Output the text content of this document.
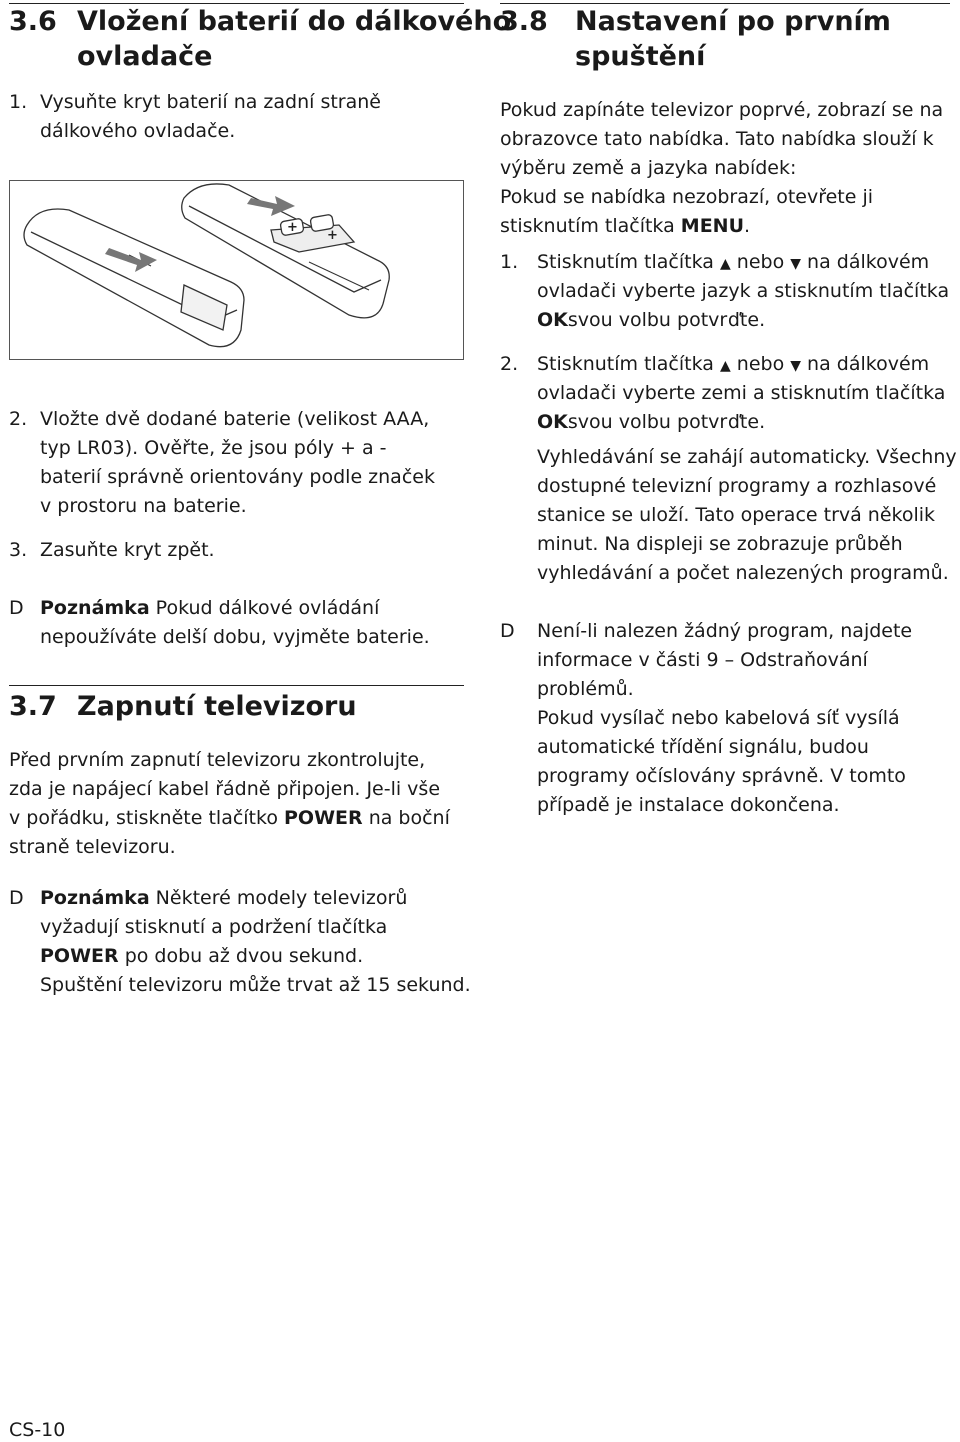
3.6 Vložení baterií do dálkového
ovladače
1. Vysuňte kryt baterií na zadní straně
dálkového ovladače.
+
+
2. Vložte dvě dodané baterie (velikost AAA,
typ LR03). Ověřte, že jsou póly + a -
baterií správně orientovány podle značek
v prostoru na baterie.
3. Zasuňte kryt zpět.
D Poznámka Pokud dálkové ovládání
nepoužíváte delší dobu, vyjměte baterie.
3.7 Zapnutí televizoru
Před prvním zapnutí televizoru zkontrolujte,
zda je napájecí kabel řádně připojen. Je-li vše
v pořádku, stiskněte tlačítko POWER na boční
straně televizoru.
D Poznámka Některé modely televizorů
vyžadují stisknutí a podržení tlačítka
POWER po dobu až dvou sekund.
Spuštění televizoru může trvat až 15 sekund.
3.8 Nastavení po prvním
spuštění
Pokud zapínáte televizor poprvé, zobrazí se na
obrazovce tato nabídka. Tato nabídka slouží k
výběru země a jazyka nabídek:
Pokud se nabídka nezobrazí, otevřete ji
stisknutím tlačítka MENU.
1. Stisknutím tlačítka ▲ nebo ▼ na dálkovém
ovladači vyberte jazyk a stisknutím tlačítka
OKsvou volbu potvrďte.
2. Stisknutím tlačítka ▲ nebo ▼ na dálkovém
ovladači vyberte zemi a stisknutím tlačítka
OKsvou volbu potvrďte.
Vyhledávání se zahájí automaticky. Všechny
dostupné televizní programy a rozhlasové
stanice se uloží. Tato operace trvá několik
minut. Na displeji se zobrazuje průběh
vyhledávání a počet nalezených programů.
D Není-li nalezen žádný program, najdete
informace v části 9 – Odstraňování
problémů.
Pokud vysílač nebo kabelová síť vysílá
automatické třídění signálu, budou
programy očíslovány správně. V tomto
případě je instalace dokončena.
CS-10
